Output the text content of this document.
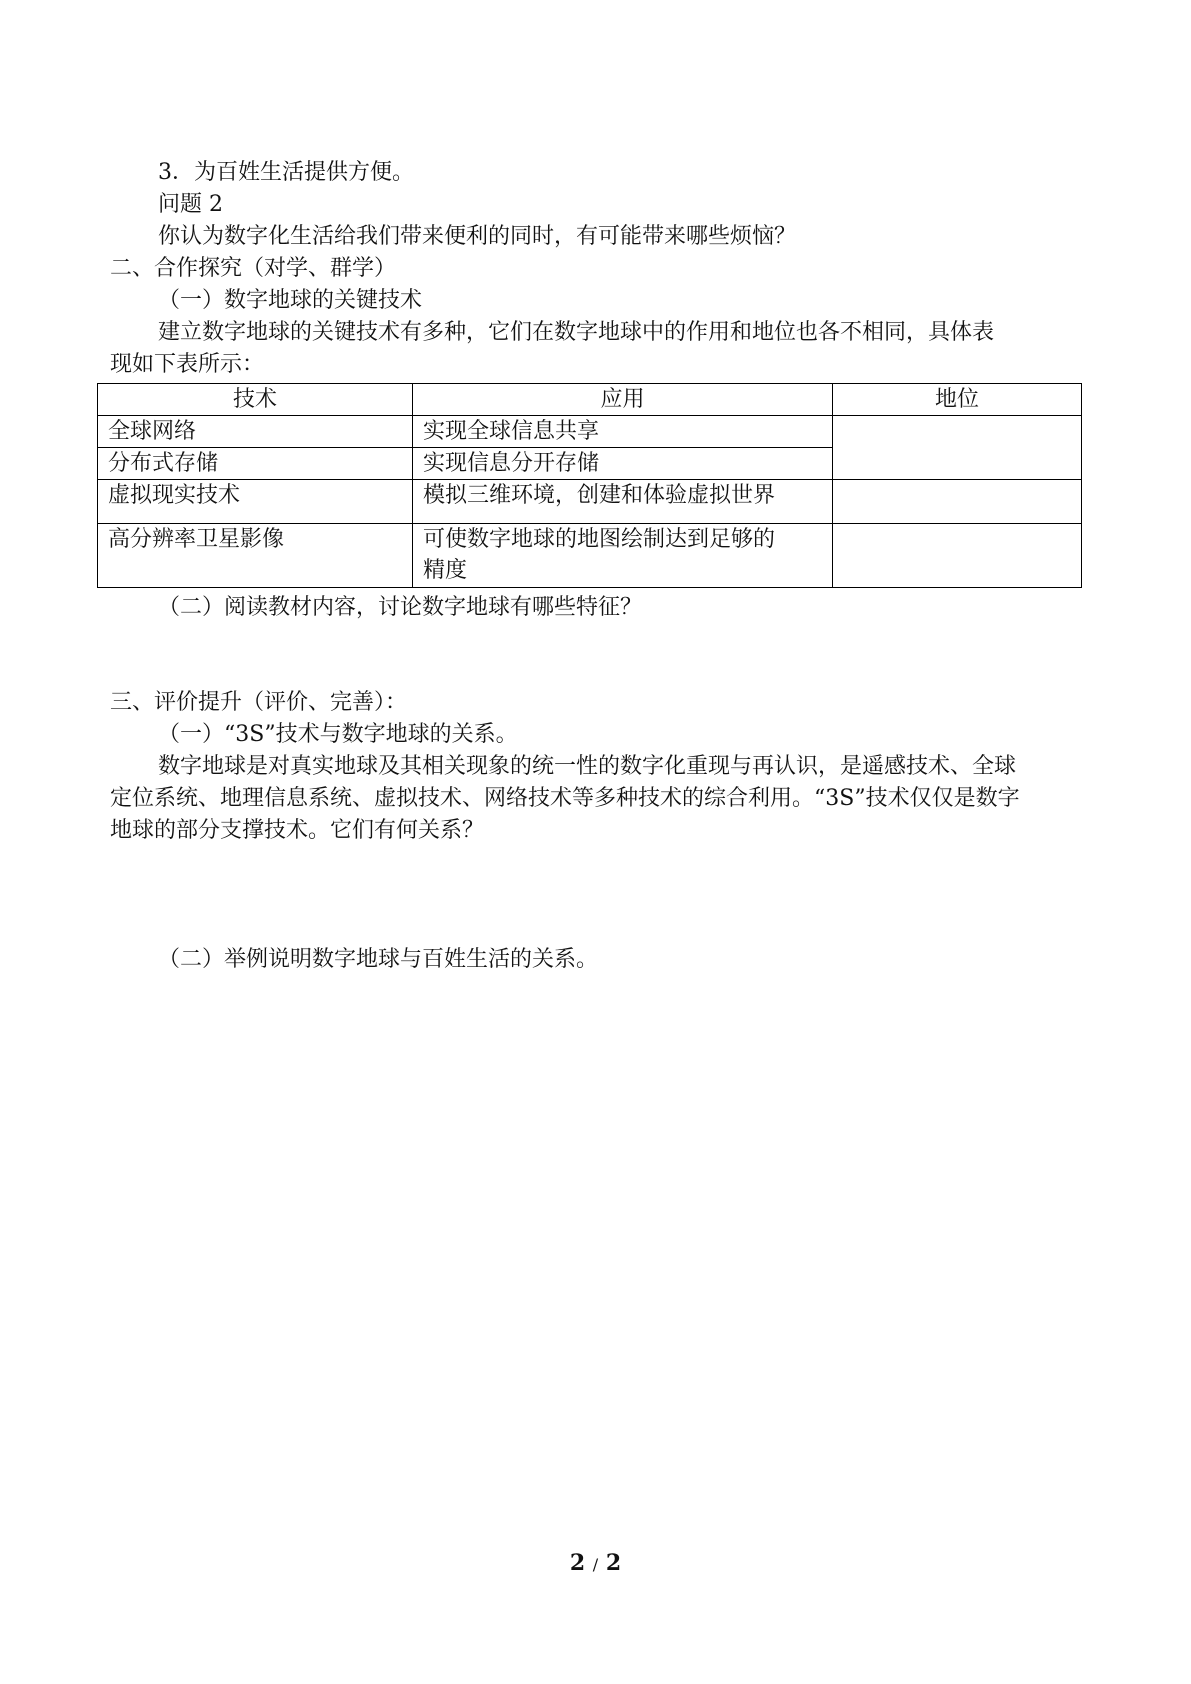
3．为百姓生活提供方便。
问题 2
你认为数字化生活给我们带来便利的同时，有可能带来哪些烦恼？
二、合作探究（对学、群学）
（一）数字地球的关键技术
建立数字地球的关键技术有多种，它们在数字地球中的作用和地位也各不相同，具体表
现如下表所示：
技术	应用	地位
全球网络	实现全球信息共享	
分布式存储	实现信息分开存储	
虚拟现实技术	模拟三维环境，创建和体验虚拟世界	
高分辨率卫星影像	可使数字地球的地图绘制达到足够的
精度	

（二）阅读教材内容，讨论数字地球有哪些特征？
三、评价提升（评价、完善）：
（一）“3S”技术与数字地球的关系。
数字地球是对真实地球及其相关现象的统一性的数字化重现与再认识，是遥感技术、全球
定位系统、地理信息系统、虚拟技术、网络技术等多种技术的综合利用。“3S”技术仅仅是数字
地球的部分支撑技术。它们有何关系？
（二）举例说明数字地球与百姓生活的关系。
2 / 2
